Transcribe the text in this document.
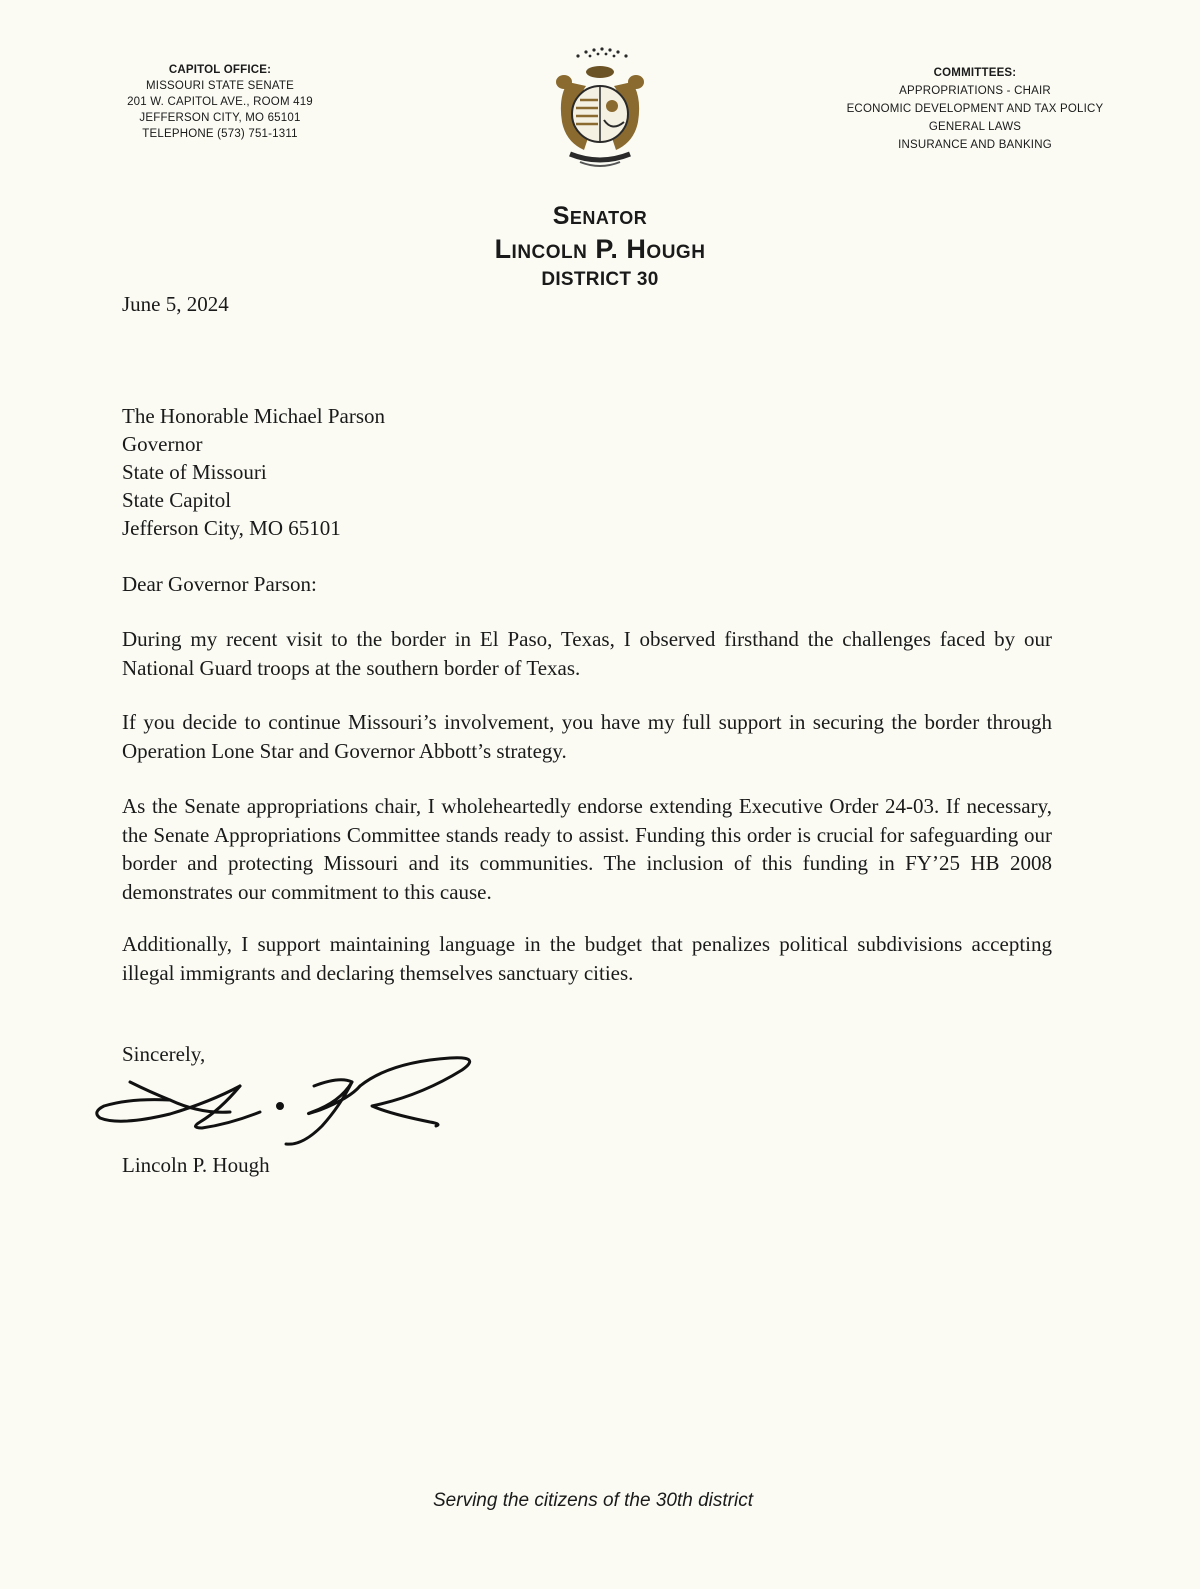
CAPITOL OFFICE:
MISSOURI STATE SENATE
201 W. CAPITOL AVE., ROOM 419
JEFFERSON CITY, MO 65101
TELEPHONE (573) 751-1311
COMMITTEES:
APPROPRIATIONS - CHAIR
ECONOMIC DEVELOPMENT AND TAX POLICY
GENERAL LAWS
INSURANCE AND BANKING
Senator
Lincoln P. Hough
DISTRICT 30
June 5, 2024
The Honorable Michael Parson
Governor
State of Missouri
State Capitol
Jefferson City, MO 65101
Dear Governor Parson:
During my recent visit to the border in El Paso, Texas, I observed firsthand the challenges faced by our National Guard troops at the southern border of Texas.
If you decide to continue Missouri’s involvement, you have my full support in securing the border through Operation Lone Star and Governor Abbott’s strategy.
As the Senate appropriations chair, I wholeheartedly endorse extending Executive Order 24-03. If necessary, the Senate Appropriations Committee stands ready to assist. Funding this order is crucial for safeguarding our border and protecting Missouri and its communities. The inclusion of this funding in FY’25 HB 2008 demonstrates our commitment to this cause.
Additionally, I support maintaining language in the budget that penalizes political subdivisions accepting illegal immigrants and declaring themselves sanctuary cities.
Sincerely,
Lincoln P. Hough
Serving the citizens of the 30th district
